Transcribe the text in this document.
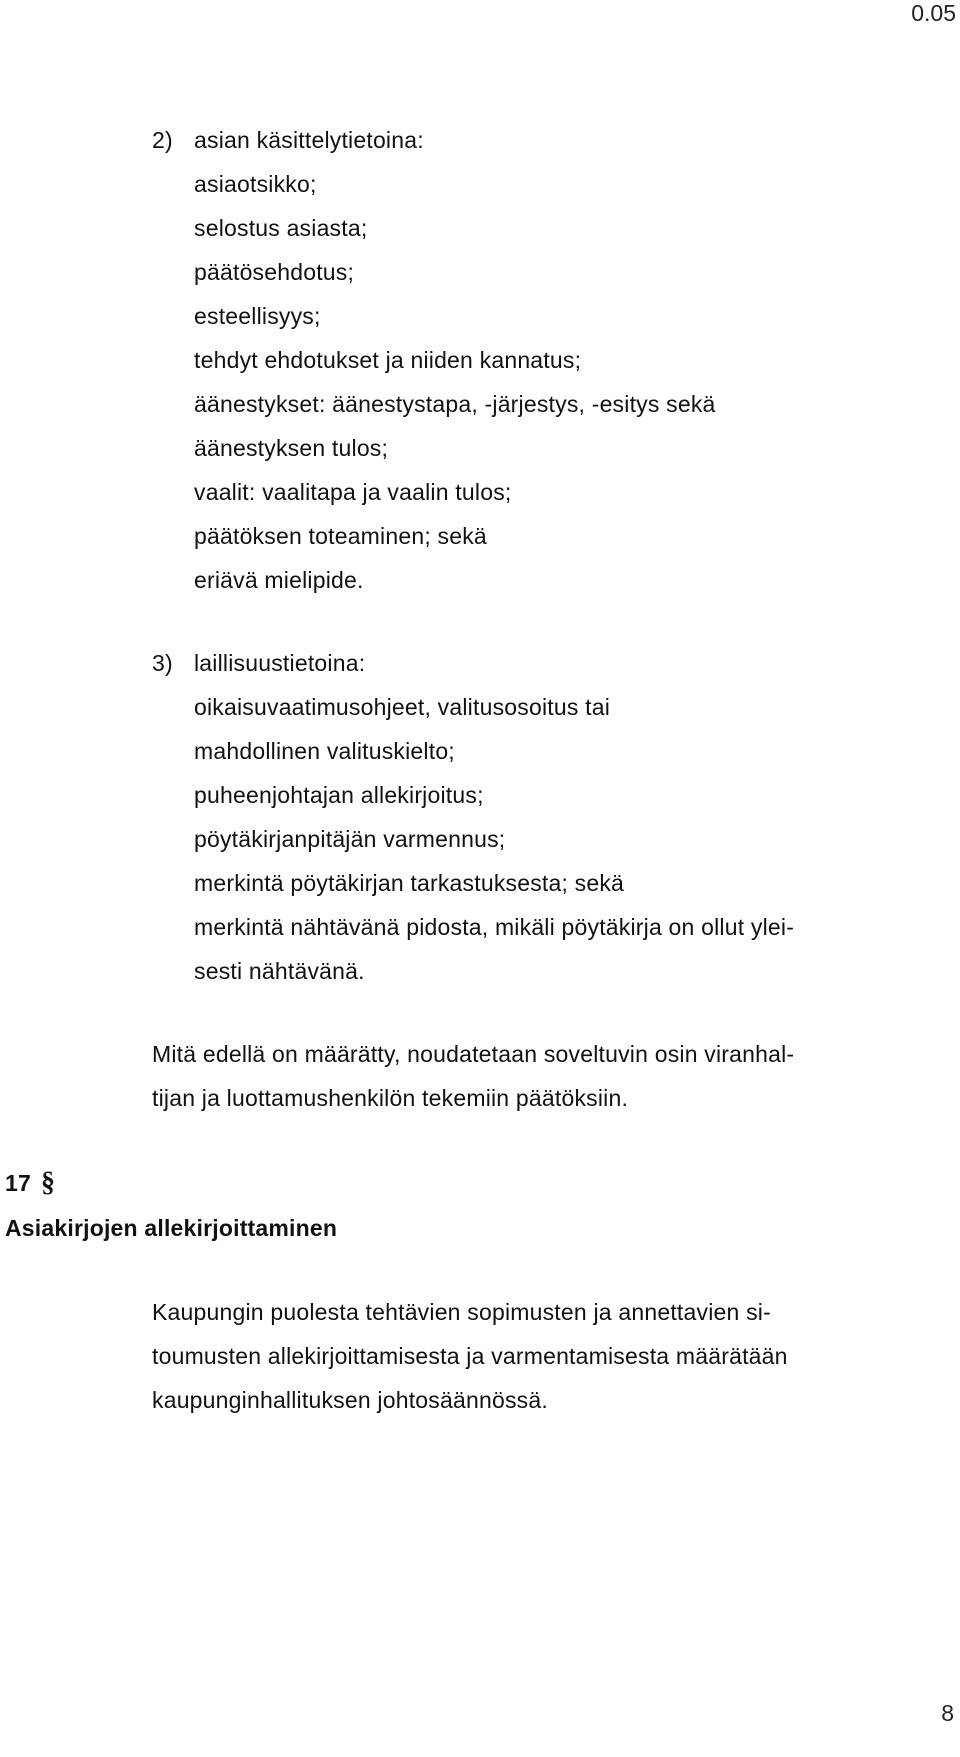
0.05
2) asian käsittelytietoina:
asiaotsikko;
selostus asiasta;
päätösehdotus;
esteellisyys;
tehdyt ehdotukset ja niiden kannatus;
äänestykset: äänestystapa, -järjestys, -esitys sekä
äänestyksen tulos;
vaalit: vaalitapa ja vaalin tulos;
päätöksen toteaminen; sekä
eriävä mielipide.
3) laillisuustietoina:
oikaisuvaatimusohjeet, valitusosoitus tai
mahdollinen valituskielto;
puheenjohtajan allekirjoitus;
pöytäkirjanpitäjän varmennus;
merkintä pöytäkirjan tarkastuksesta; sekä
merkintä nähtävänä pidosta, mikäli pöytäkirja on ollut ylei-
sesti nähtävänä.
Mitä edellä on määrätty, noudatetaan soveltuvin osin viranhal-
tijan ja luottamushenkilön tekemiin päätöksiin.
17 §
Asiakirjojen allekirjoittaminen
Kaupungin puolesta tehtävien sopimusten ja annettavien si-
toumusten allekirjoittamisesta ja varmentamisesta määrätään
kaupunginhallituksen johtosäännössä.
8
